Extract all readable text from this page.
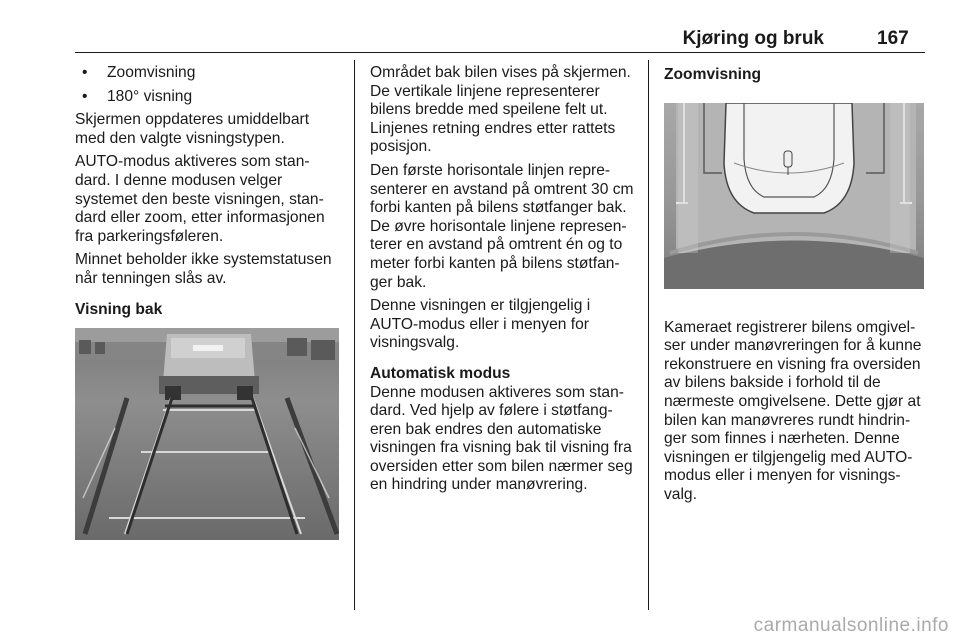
Kjøring og bruk	167
• Zoomvisning
• 180° visning

Skjermen oppdateres umiddelbart med den valgte visningstypen.

AUTO-modus aktiveres som stan- dard. I denne modusen velger systemet den beste visningen, stan- dard eller zoom, etter informasjonen fra parkeringsføleren.

Minnet beholder ikke systemstatusen når tenningen slås av.

Visning bak

Området bak bilen vises på skjermen. De vertikale linjene representerer bilens bredde med speilene felt ut. Linjenes retning endres etter rattets posisjon.

Den første horisontale linjen repre- senterer en avstand på omtrent 30 cm forbi kanten på bilens støtfanger bak. De øvre horisontale linjene represen- terer en avstand på omtrent én og to meter forbi kanten på bilens støtfan- ger bak.

Denne visningen er tilgjengelig i AUTO-modus eller i menyen for visningsvalg.

Automatisk modus

Denne modusen aktiveres som stan- dard. Ved hjelp av følere i støtfang- eren bak endres den automatiske visningen fra visning bak til visning fra oversiden etter som bilen nærmer seg en hindring under manøvrering.

Zoomvisning

Kameraet registrerer bilens omgivel- ser under manøvreringen for å kunne rekonstruere en visning fra oversiden av bilens bakside i forhold til de nærmeste omgivelsene. Dette gjør at bilen kan manøvreres rundt hindrin- ger som finnes i nærheten. Denne visningen er tilgjengelig med AUTO- modus eller i menyen for visnings- valg.

carmanualsonline.info
